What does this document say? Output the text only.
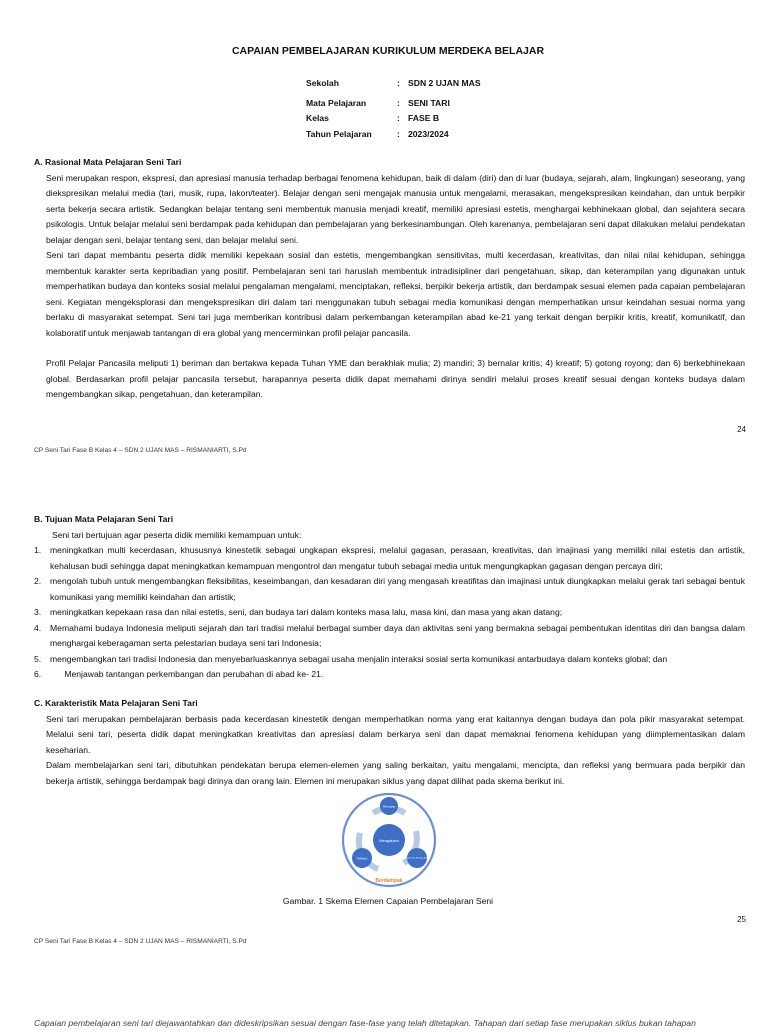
CAPAIAN PEMBELAJARAN KURIKULUM MERDEKA BELAJAR
Sekolah	: SDN 2 UJAN MAS
Mata Pelajaran	: SENI TARI
Kelas	: FASE B
Tahun Pelajaran	: 2023/2024
A. Rasional Mata Pelajaran Seni Tari

Seni merupakan respon, ekspresi, dan apresiasi manusia terhadap berbagai fenomena kehidupan, baik di dalam (diri) dan di luar (budaya, sejarah, alam, lingkungan) seseorang, yang diekspresikan melalui media (tari, musik, rupa, lakon/teater). Belajar dengan seni mengajak manusia untuk mengalami, merasakan, mengekspresikan keindahan, dan untuk berpikir serta bekerja secara artistik. Sedangkan belajar tentang seni membentuk manusia menjadi kreatif, memiliki apresiasi estetis, menghargai kebhinekaan global, dan sejahtera secara psikologis. Untuk belajar melalui seni berdampak pada kehidupan dan pembelajaran yang berkesinambungan. Oleh karenanya, pembelajaran seni dapat dilakukan melalui pendekatan belajar dengan seni, belajar tentang seni, dan belajar melalui seni.

Seni tari dapat membantu peserta didik memiliki kepekaan sosial dan estetis, mengembangkan sensitivitas, multi kecerdasan, kreativitas, dan nilai nilai kehidupan, sehingga membentuk karakter serta kepribadian yang positif. Pembelajaran seni tari haruslah membentuk intradisipliner dari pengetahuan, sikap, dan keterampilan yang digunakan untuk memperhatikan budaya dan konteks sosial melalui pengalaman mengalami, menciptakan, refleksi, berpikir bekerja artistik, dan berdampak sesuai elemen pada capaian pembelajaran seni. Kegiatan mengeksplorasi dan mengekspresikan diri dalam tari menggunakan tubuh sebagai media komunikasi dengan memperhatikan unsur keindahan sesuai norma yang berlaku di masyarakat setempat. Seni tari juga memberikan kontribusi dalam perkembangan keterampilan abad ke-21 yang terkait dengan berpikir kritis, kreatif, komunikatif, dan kolaboratif untuk menjawab tantangan di era global yang mencerminkan profil pelajar pancasila.

Profil Pelajar Pancasila meliputi 1) beriman dan bertakwa kepada Tuhan YME dan berakhlak mulia; 2) mandiri; 3) bernalar kritis; 4) kreatif; 5) gotong royong; dan 6) berkebhinekaan global. Berdasarkan profil pelajar pancasila tersebut, harapannya peserta didik dapat memahami dirinya sendiri melalui proses kreatif sesuai dengan konteks budaya dalam mengembangkan sikap, pengetahuan, dan keterampilan.

24
CP Seni Tari Fase B Kelas 4 – SDN 2 UJAN MAS – RISMANIARTI, S.Pd
B. Tujuan Mata Pelajaran Seni Tari
Seni tari bertujuan agar peserta didik memiliki kemampuan untuk:
1.	meningkatkan multi kecerdasan, khususnya kinestetik sebagai ungkapan ekspresi, melalui gagasan, perasaan, kreativitas, dan imajinasi yang memiliki nilai estetis dan artistik, kehalusan budi sehingga dapat meningkatkan kemampuan mengontrol dan mengatur tubuh sebagai media untuk mengungkapkan gagasan dengan percaya diri;
2.	mengolah tubuh untuk mengembangkan fleksibilitas, keseimbangan, dan kesadaran diri yang mengasah kreatifitas dan imajinasi untuk diungkapkan melalui gerak tari sebagai bentuk komunikasi yang memiliki keindahan dan artistik;
3.	meningkatkan kepekaan rasa dan nilai estetis, seni, dan budaya tari dalam konteks masa lalu, masa kini, dan masa yang akan datang;
4.	Memahami budaya Indonesia meliputi sejarah dan tari tradisi melalui berbagai sumber daya dan aktivitas seni yang bermakna sebagai pembentukan identitas diri dan bangsa dalam menghargai keberagaman serta pelestarian budaya seni tari Indonesia;
5.	mengembangkan tari tradisi Indonesia dan menyebarluaskannya sebagai usaha menjalin interaksi sosial serta komunikasi antarbudaya dalam konteks global; dan
6.	Menjawab tantangan perkembangan dan perubahan di abad ke- 21.
C. Karakteristik Mata Pelajaran Seni Tari

Seni tari merupakan pembelajaran berbasis pada kecerdasan kinestetik dengan memperhatikan norma yang erat kaitannya dengan budaya dan pola pikir masyarakat setempat. Melalui seni tari, peserta didik dapat meningkatkan kreativitas dan apresiasi dalam berkarya seni dan dapat memaknai fenomena kehidupan yang diimplementasikan dalam keseharian.

Dalam membelajarkan seni tari, dibutuhkan pendekatan berupa elemen-elemen yang saling berkaitan, yaitu mengalami, mencipta, dan refleksi yang bermuara pada berpikir dan bekerja artistik, sehingga berdampak bagi dirinya dan orang lain. Elemen ini merupakan siklus yang dapat dilihat pada skema berikut ini.

Mengalami
Mencipta
Refleksi	Berpikir dan Bekerja Artistik
Berdampak
Gambar. 1 Skema Elemen Capaian Pembelajaran Seni
25
CP Seni Tari Fase B Kelas 4 – SDN 2 UJAN MAS – RISMANIARTI, S.Pd
Capaian pembelajaran seni tari diejawantahkan dan dideskripsikan sesuai dengan fase-fase yang telah ditetapkan. Tahapan dari setiap fase merupakan siklus bukan tahapan
